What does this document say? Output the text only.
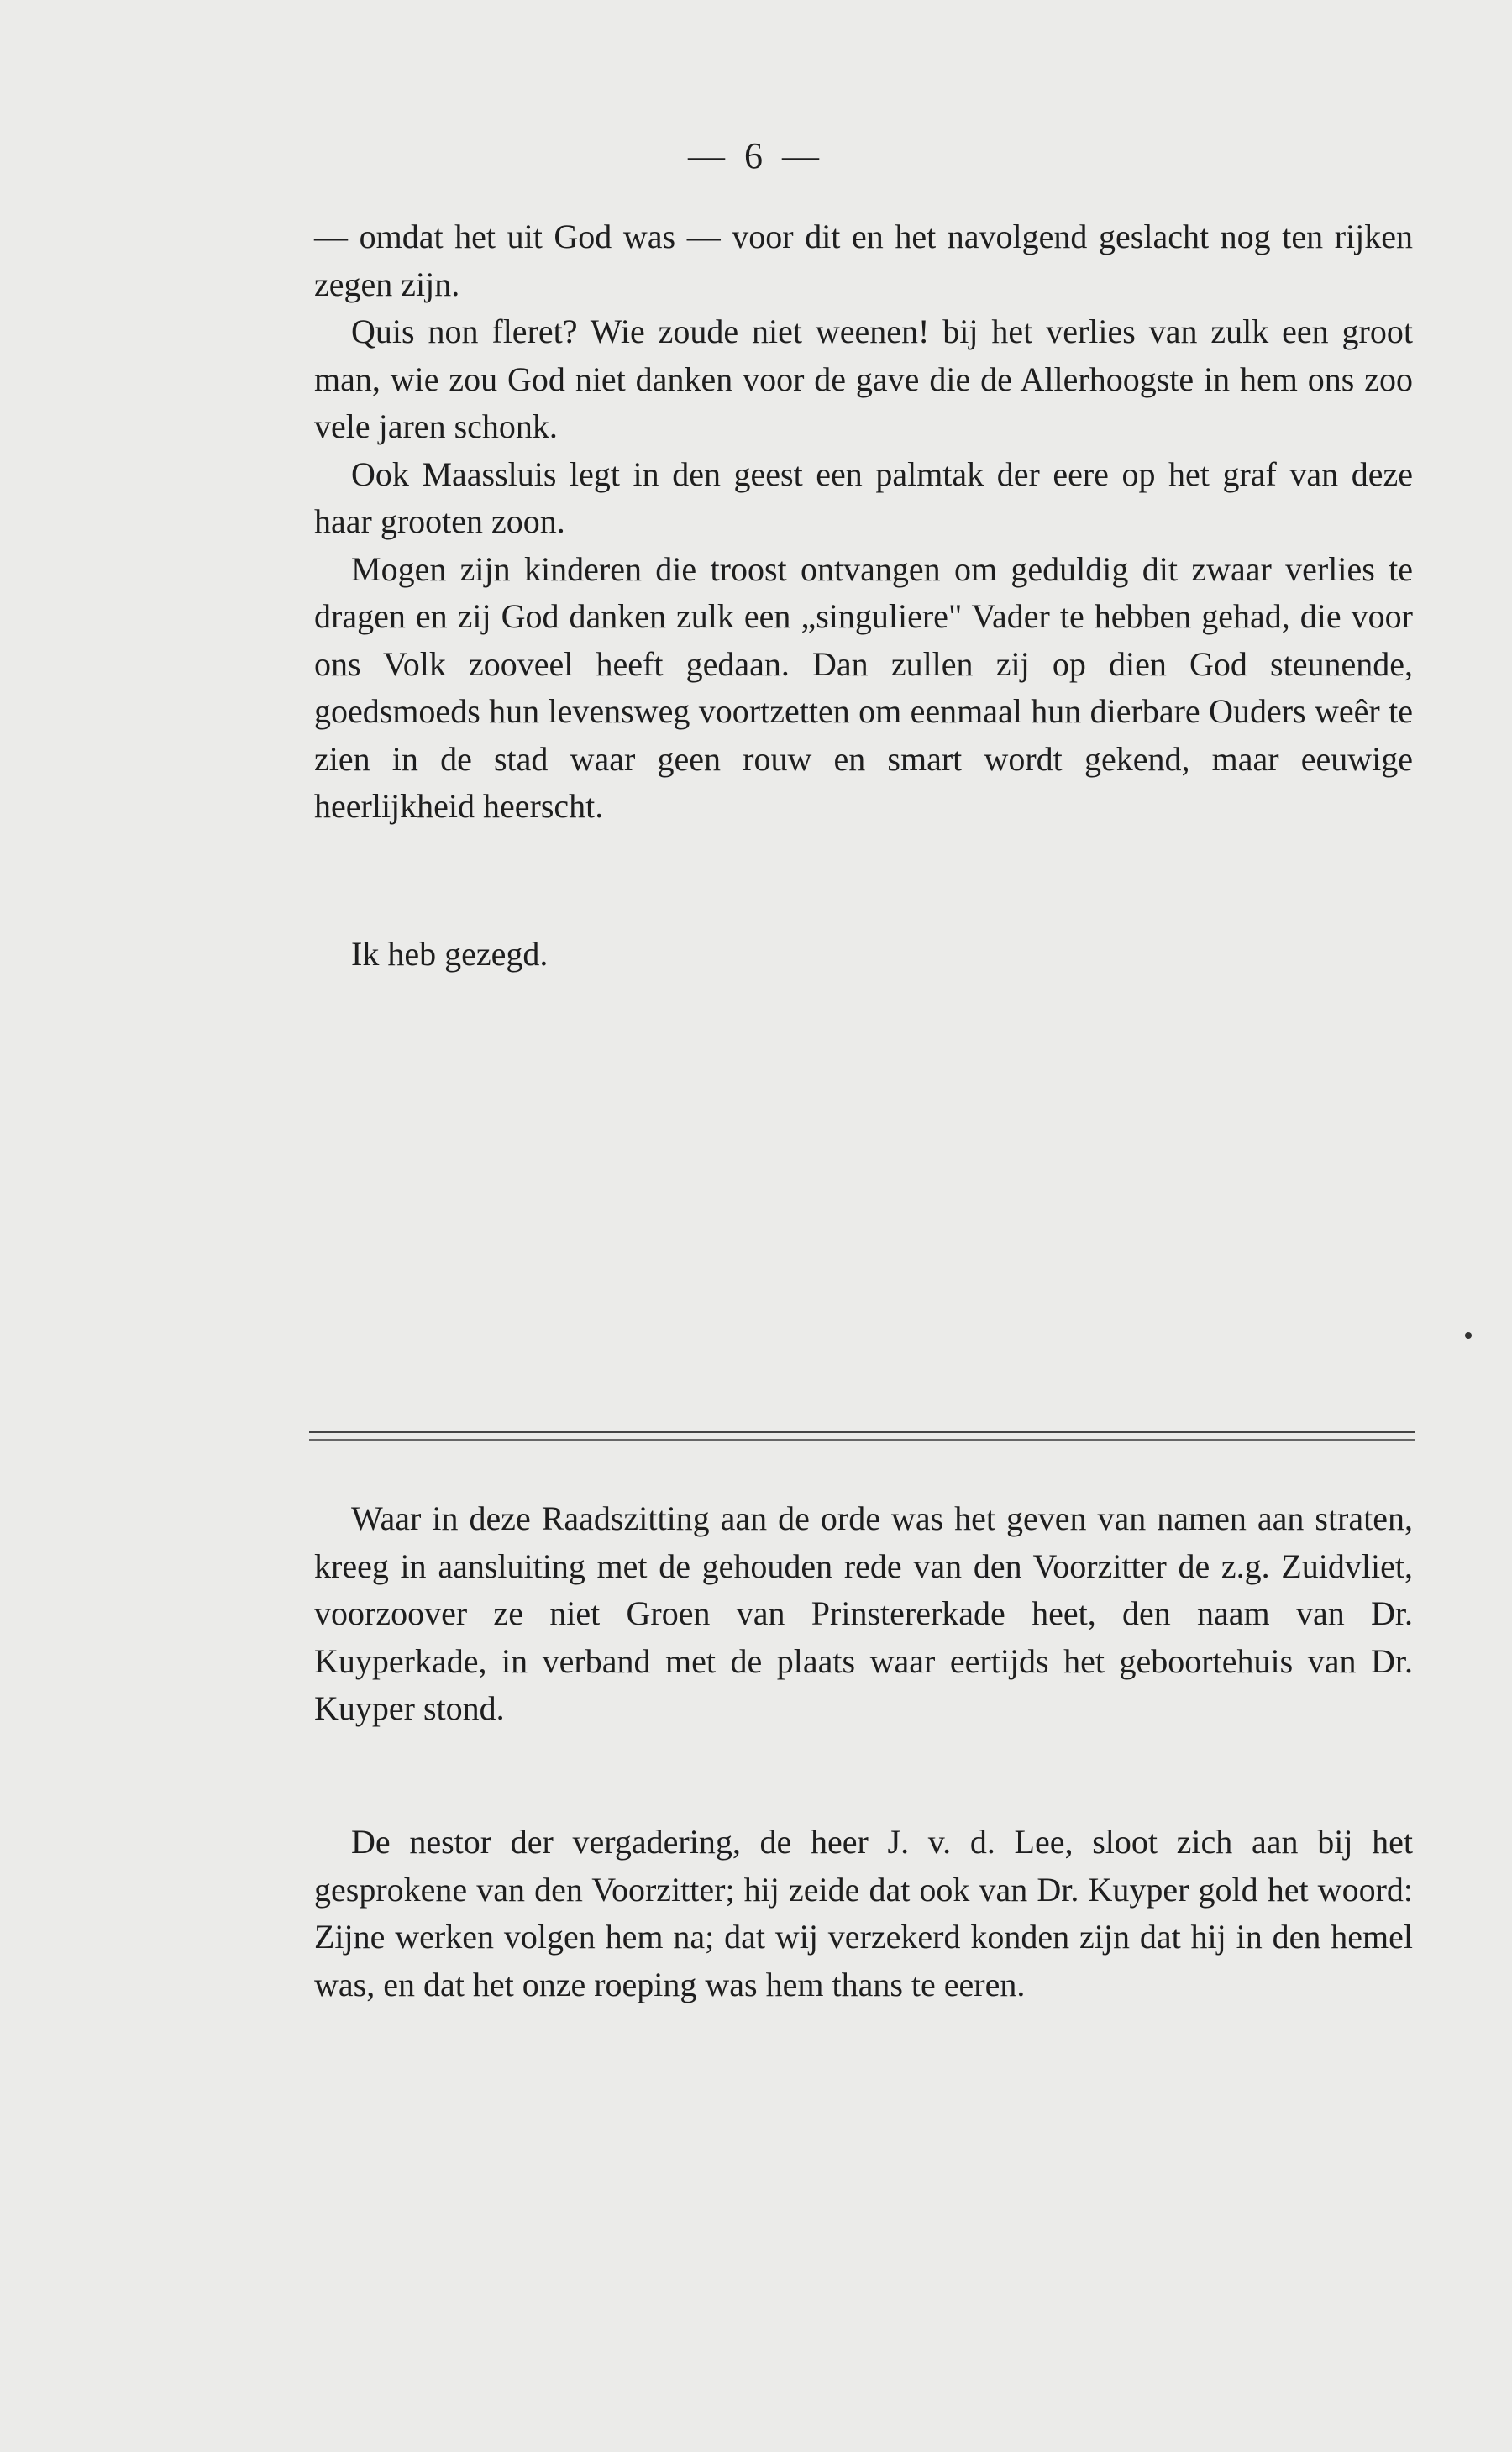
— 6 —

— omdat het uit God was — voor dit en het navolgend geslacht nog ten rijken zegen zijn.

Quis non fleret? Wie zoude niet weenen! bij het verlies van zulk een groot man, wie zou God niet danken voor de gave die de Allerhoogste in hem ons zoo vele jaren schonk.

Ook Maassluis legt in den geest een palmtak der eere op het graf van deze haar grooten zoon.

Mogen zijn kinderen die troost ontvangen om geduldig dit zwaar verlies te dragen en zij God danken zulk een „singuliere" Vader te hebben gehad, die voor ons Volk zooveel heeft gedaan. Dan zullen zij op dien God steunende, goedsmoeds hun levensweg voortzetten om eenmaal hun dierbare Ouders weêr te zien in de stad waar geen rouw en smart wordt gekend, maar eeuwige heerlijkheid heerscht.

Ik heb gezegd.

Waar in deze Raadszitting aan de orde was het geven van namen aan straten, kreeg in aansluiting met de gehouden rede van den Voorzitter de z.g. Zuidvliet, voorzoover ze niet Groen van Prinstererkade heet, den naam van Dr. Kuyperkade, in verband met de plaats waar eertijds het geboortehuis van Dr. Kuyper stond.

De nestor der vergadering, de heer J. v. d. Lee, sloot zich aan bij het gesprokene van den Voorzitter; hij zeide dat ook van Dr. Kuyper gold het woord: Zijne werken volgen hem na; dat wij verzekerd konden zijn dat hij in den hemel was, en dat het onze roeping was hem thans te eeren.
